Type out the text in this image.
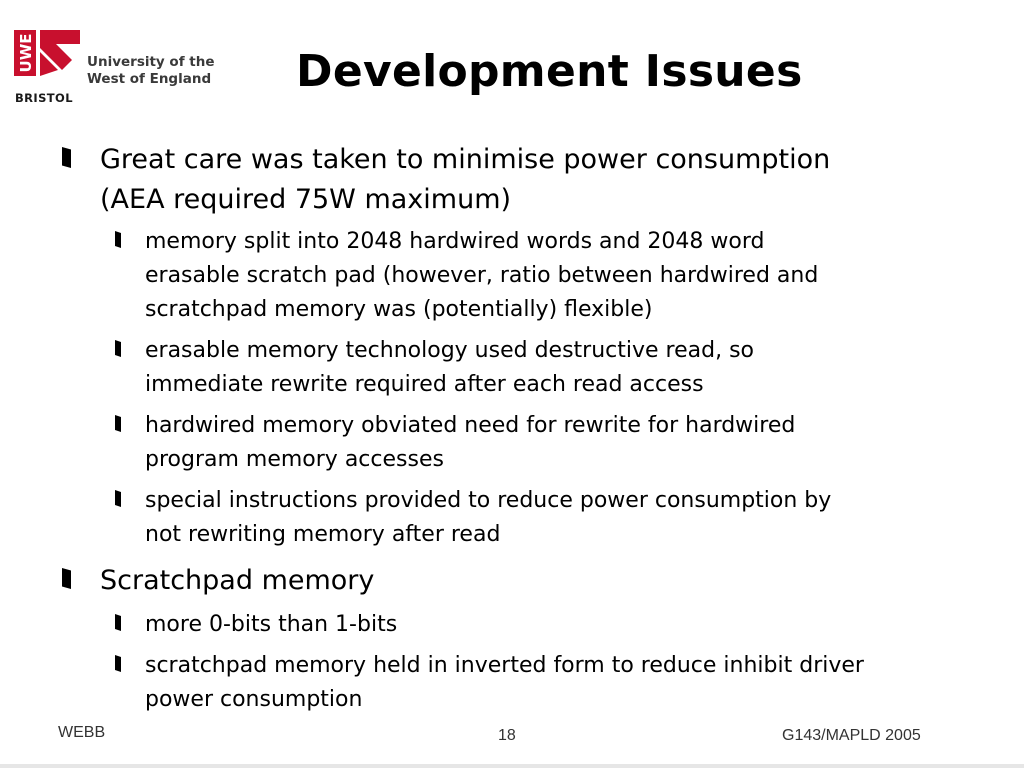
UWE
BRISTOL
University of the
West of England Development Issues
Great care was taken to minimise power consumption
(AEA required 75W maximum)
memory split into 2048 hardwired words and 2048 word
erasable scratch pad (however, ratio between hardwired and
scratchpad memory was (potentially) flexible)
erasable memory technology used destructive read, so
immediate rewrite required after each read access
hardwired memory obviated need for rewrite for hardwired
program memory accesses
special instructions provided to reduce power consumption by
not rewriting memory after read
Scratchpad memory
more 0-bits than 1-bits
scratchpad memory held in inverted form to reduce inhibit driver
power consumption
WEBB	18	G143/MAPLD 2005
